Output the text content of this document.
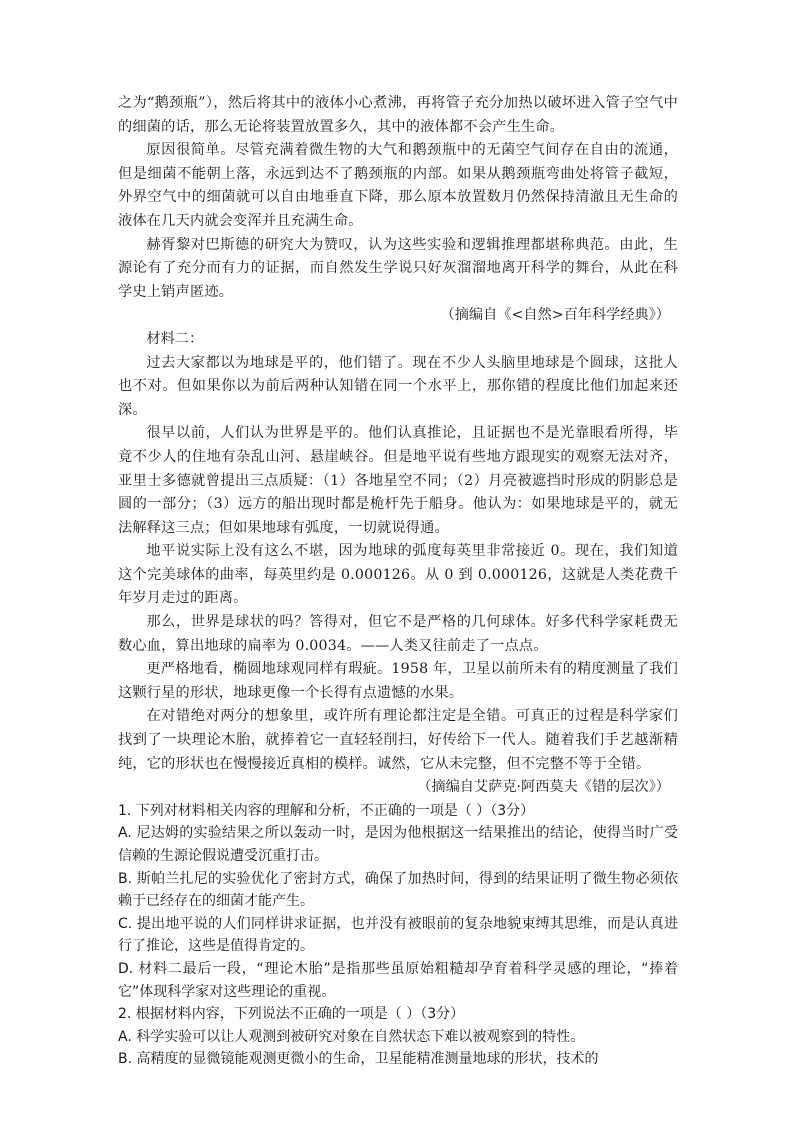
之为“鹅颈瓶”），然后将其中的液体小心煮沸，再将管子充分加热以破坏进入管子空气中的细菌的话，那么无论将装置放置多久，其中的液体都不会产生生命。

原因很简单。尽管充满着微生物的大气和鹅颈瓶中的无菌空气间存在自由的流通，但是细菌不能朝上落，永远到达不了鹅颈瓶的内部。如果从鹅颈瓶弯曲处将管子截短，外界空气中的细菌就可以自由地垂直下降，那么原本放置数月仍然保持清澈且无生命的液体在几天内就会变浑并且充满生命。

赫胥黎对巴斯德的研究大为赞叹，认为这些实验和逻辑推理都堪称典范。由此，生源论有了充分而有力的证据，而自然发生学说只好灰溜溜地离开科学的舞台，从此在科学史上销声匿迹。

（摘编自《<自然>百年科学经典》）

材料二：

过去大家都以为地球是平的，他们错了。现在不少人头脑里地球是个圆球，这批人也不对。但如果你以为前后两种认知错在同一个水平上，那你错的程度比他们加起来还深。

很早以前，人们认为世界是平的。他们认真推论，且证据也不是光靠眼看所得，毕竟不少人的住地有杂乱山河、悬崖峡谷。但是地平说有些地方跟现实的观察无法对齐，亚里士多德就曾提出三点质疑：（1）各地星空不同；（2）月亮被遮挡时形成的阴影总是圆的一部分；（3）远方的船出现时都是桅杆先于船身。他认为：如果地球是平的，就无法解释这三点；但如果地球有弧度，一切就说得通。

地平说实际上没有这么不堪，因为地球的弧度每英里非常接近 0。现在，我们知道这个完美球体的曲率，每英里约是 0.000126。从 0 到 0.000126，这就是人类花费千年岁月走过的距离。

那么，世界是球状的吗？答得对，但它不是严格的几何球体。好多代科学家耗费无数心血，算出地球的扁率为 0.0034。——人类又往前走了一点点。

更严格地看，椭圆地球观同样有瑕疵。1958 年，卫星以前所未有的精度测量了我们这颗行星的形状，地球更像一个长得有点遗憾的水果。

在对错绝对两分的想象里，或许所有理论都注定是全错。可真正的过程是科学家们找到了一块理论木胎，就捧着它一直轻轻削扫，好传给下一代人。随着我们手艺越渐精纯，它的形状也在慢慢接近真相的模样。诚然，它从未完整，但不完整不等于全错。

（摘编自艾萨克·阿西莫夫《错的层次》）

1. 下列对材料相关内容的理解和分析，不正确的一项是（ ）（3分）

A. 尼达姆的实验结果之所以轰动一时，是因为他根据这一结果推出的结论，使得当时广受信赖的生源论假说遭受沉重打击。

B. 斯帕兰扎尼的实验优化了密封方式，确保了加热时间，得到的结果证明了微生物必须依赖于已经存在的细菌才能产生。

C. 提出地平说的人们同样讲求证据，也并没有被眼前的复杂地貌束缚其思维，而是认真进行了推论，这些是值得肯定的。

D. 材料二最后一段，“理论木胎”是指那些虽原始粗糙却孕育着科学灵感的理论，“捧着它”体现科学家对这些理论的重视。

2. 根据材料内容，下列说法不正确的一项是（ ）（3分）

A. 科学实验可以让人观测到被研究对象在自然状态下难以被观察到的特性。

B. 高精度的显微镜能观测更微小的生命，卫星能精准测量地球的形状，技术的
